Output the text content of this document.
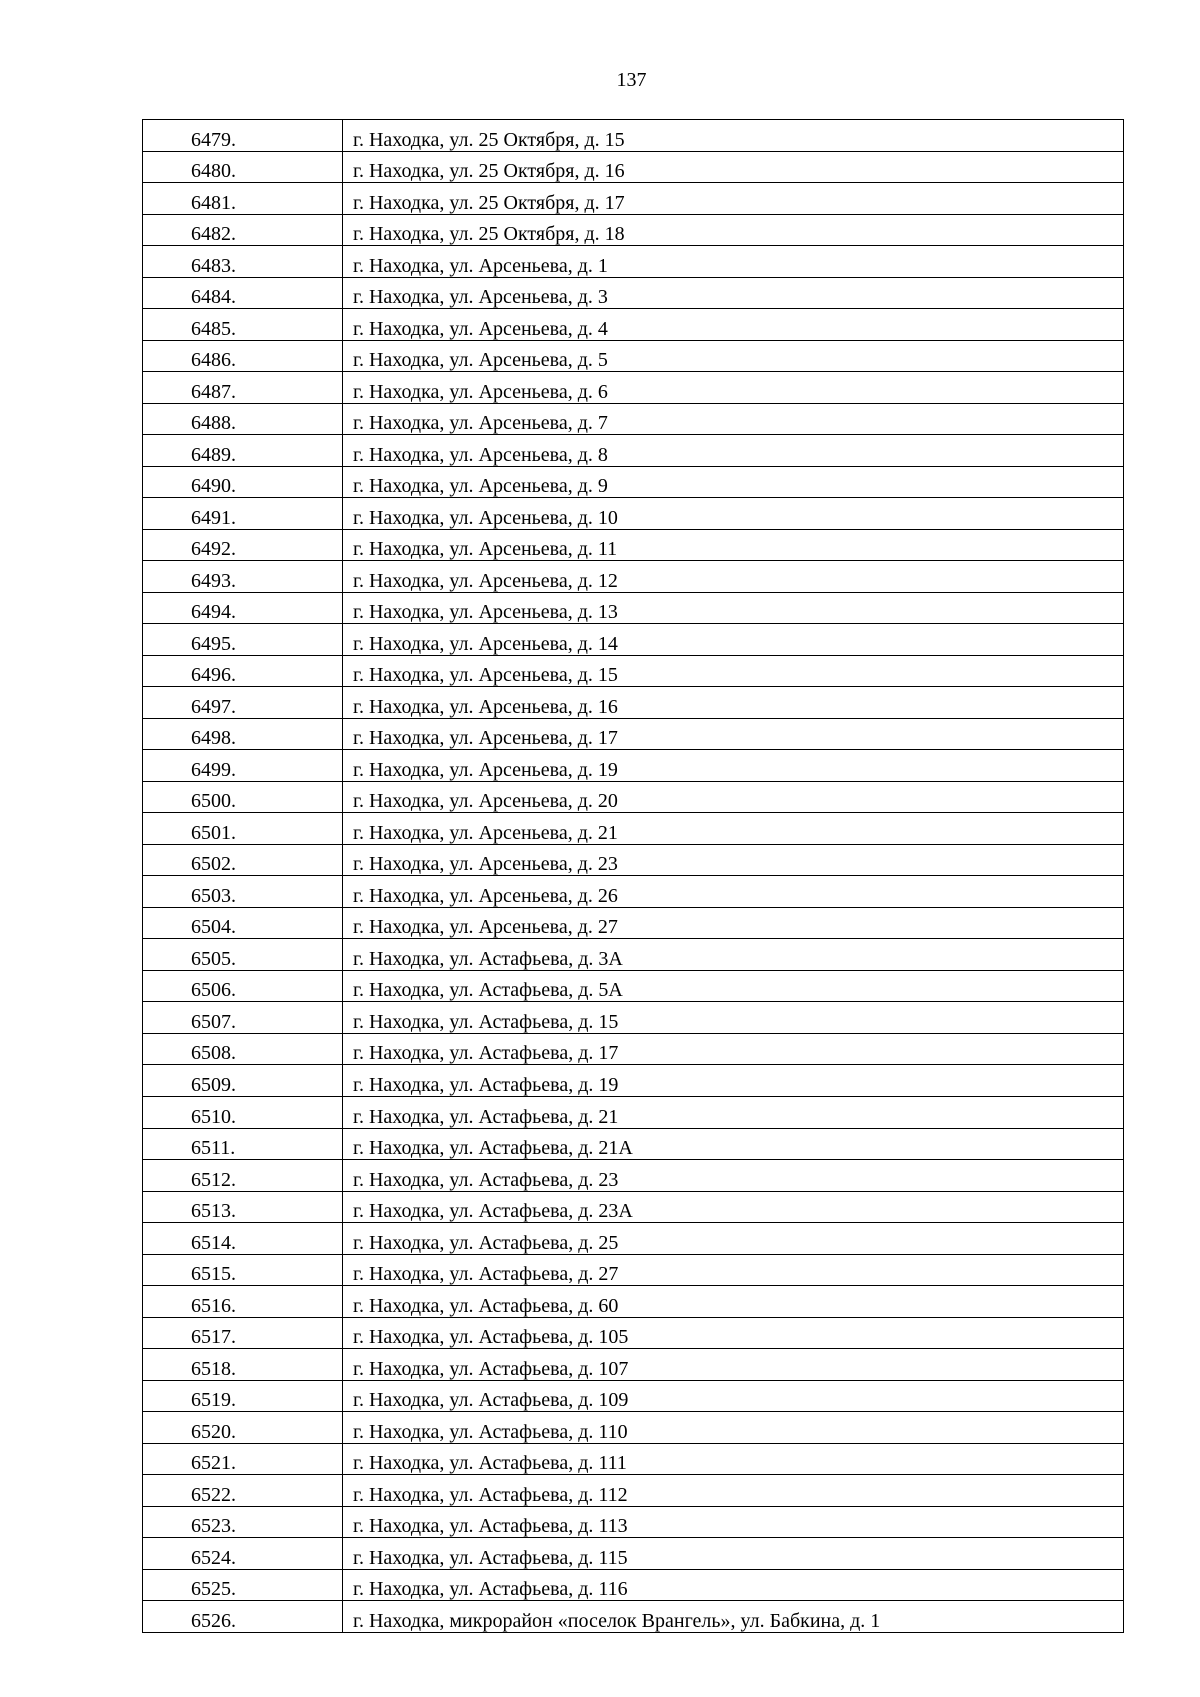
137
6479.	г. Находка, ул. 25 Октября, д. 15
6480.	г. Находка, ул. 25 Октября, д. 16
6481.	г. Находка, ул. 25 Октября, д. 17
6482.	г. Находка, ул. 25 Октября, д. 18
6483.	г. Находка, ул. Арсеньева, д. 1
6484.	г. Находка, ул. Арсеньева, д. 3
6485.	г. Находка, ул. Арсеньева, д. 4
6486.	г. Находка, ул. Арсеньева, д. 5
6487.	г. Находка, ул. Арсеньева, д. 6
6488.	г. Находка, ул. Арсеньева, д. 7
6489.	г. Находка, ул. Арсеньева, д. 8
6490.	г. Находка, ул. Арсеньева, д. 9
6491.	г. Находка, ул. Арсеньева, д. 10
6492.	г. Находка, ул. Арсеньева, д. 11
6493.	г. Находка, ул. Арсеньева, д. 12
6494.	г. Находка, ул. Арсеньева, д. 13
6495.	г. Находка, ул. Арсеньева, д. 14
6496.	г. Находка, ул. Арсеньева, д. 15
6497.	г. Находка, ул. Арсеньева, д. 16
6498.	г. Находка, ул. Арсеньева, д. 17
6499.	г. Находка, ул. Арсеньева, д. 19
6500.	г. Находка, ул. Арсеньева, д. 20
6501.	г. Находка, ул. Арсеньева, д. 21
6502.	г. Находка, ул. Арсеньева, д. 23
6503.	г. Находка, ул. Арсеньева, д. 26
6504.	г. Находка, ул. Арсеньева, д. 27
6505.	г. Находка, ул. Астафьева, д. 3А
6506.	г. Находка, ул. Астафьева, д. 5А
6507.	г. Находка, ул. Астафьева, д. 15
6508.	г. Находка, ул. Астафьева, д. 17
6509.	г. Находка, ул. Астафьева, д. 19
6510.	г. Находка, ул. Астафьева, д. 21
6511.	г. Находка, ул. Астафьева, д. 21А
6512.	г. Находка, ул. Астафьева, д. 23
6513.	г. Находка, ул. Астафьева, д. 23А
6514.	г. Находка, ул. Астафьева, д. 25
6515.	г. Находка, ул. Астафьева, д. 27
6516.	г. Находка, ул. Астафьева, д. 60
6517.	г. Находка, ул. Астафьева, д. 105
6518.	г. Находка, ул. Астафьева, д. 107
6519.	г. Находка, ул. Астафьева, д. 109
6520.	г. Находка, ул. Астафьева, д. 110
6521.	г. Находка, ул. Астафьева, д. 111
6522.	г. Находка, ул. Астафьева, д. 112
6523.	г. Находка, ул. Астафьева, д. 113
6524.	г. Находка, ул. Астафьева, д. 115
6525.	г. Находка, ул. Астафьева, д. 116
6526.	г. Находка, микрорайон «поселок Врангель», ул. Бабкина, д. 1
